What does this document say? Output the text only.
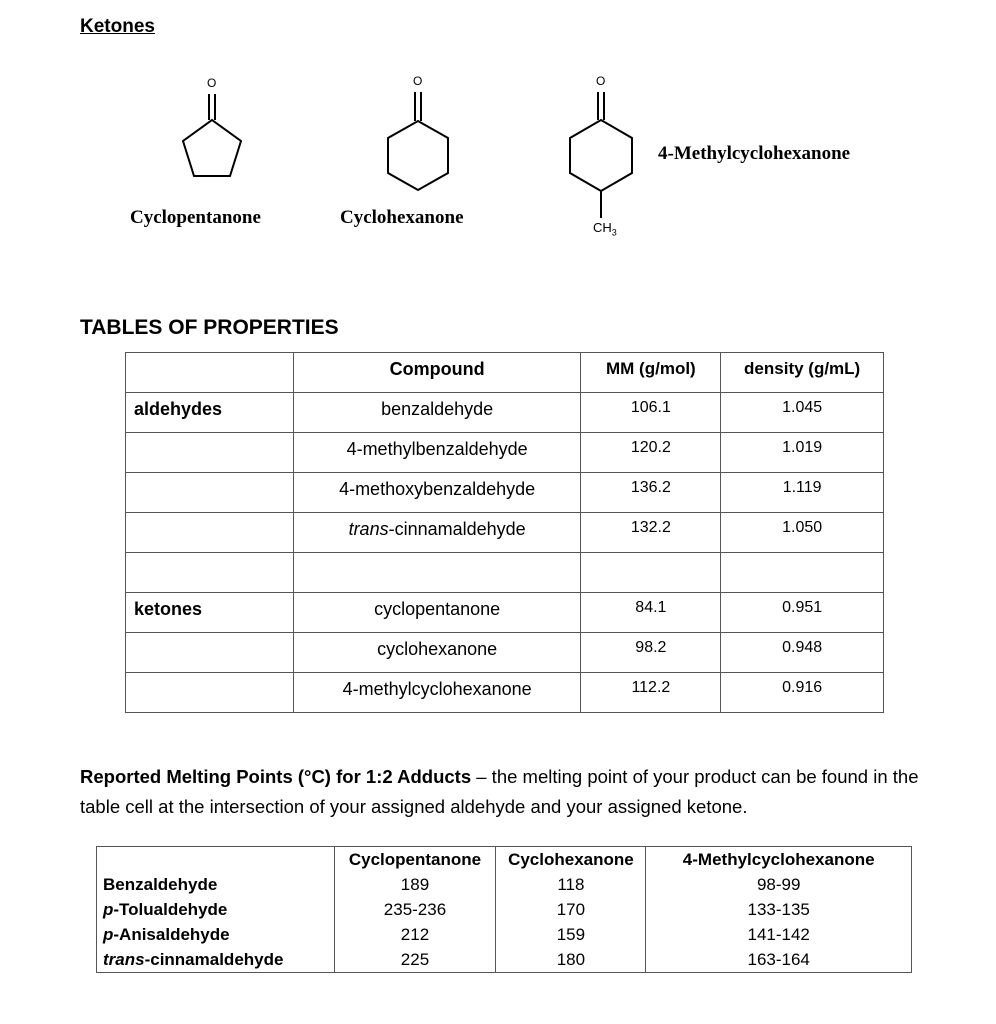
Ketones
O	O	O
Cyclopentanone	Cyclohexanone
4-Methylcyclohexanone
$CH_3$
TABLES OF PROPERTIES
	Compound	MM (g/mol)	density (g/mL)
aldehydes	benzaldehyde	106.1	1.045
	4-methylbenzaldehyde	120.2	1.019
	4-methoxybenzaldehyde	136.2	1.119
	trans-cinnamaldehyde	132.2	1.050

ketones	cyclopentanone	84.1	0.951
	cyclohexanone	98.2	0.948
	4-methylcyclohexanone	112.2	0.916
Reported Melting Points (°C) for 1:2 Adducts – the melting point of your product can be found in the table cell at the intersection of your assigned aldehyde and your assigned ketone.
	Cyclopentanone	Cyclohexanone	4-Methylcyclohexanone
Benzaldehyde	189	118	98-99
p-Tolualdehyde	235-236	170	133-135
p-Anisaldehyde	212	159	141-142
trans-cinnamaldehyde	225	180	163-164
